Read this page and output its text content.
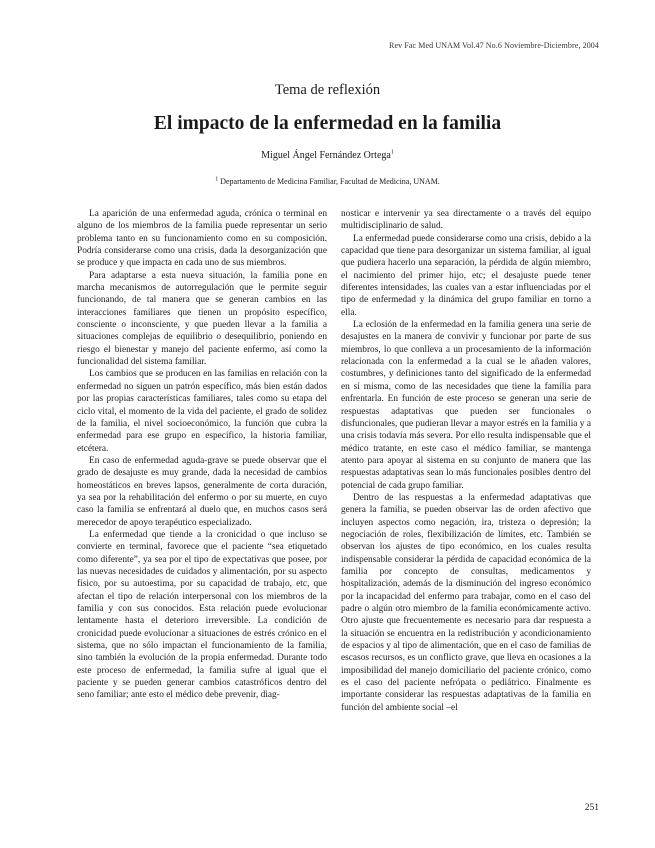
Rev Fac Med UNAM Vol.47 No.6 Noviembre-Diciembre, 2004
Tema de reflexión
El impacto de la enfermedad en la familia
Miguel Ángel Fernández Ortega$^1$
$^1$ Departamento de Medicina Familiar, Facultad de Medicina, UNAM.

La aparición de una enfermedad aguda, crónica o terminal en alguno de los miembros de la familia puede representar un serio problema tanto en su funcionamiento como en su composición. Podría considerarse como una crisis, dada la desorganización que se produce y que impacta en cada uno de sus miembros.

Para adaptarse a esta nueva situación, la familia pone en marcha mecanismos de autorregulación que le permite seguir funcionando, de tal manera que se generan cambios en las interacciones familiares que tienen un propósito específico, consciente o inconsciente, y que pueden llevar a la familia a situaciones complejas de equilibrio o desequilibrio, poniendo en riesgo el bienestar y manejo del paciente enfermo, así como la funcionalidad del sistema familiar.

Los cambios que se producen en las familias en relación con la enfermedad no siguen un patrón específico, más bien están dados por las propias características familiares, tales como su etapa del ciclo vital, el momento de la vida del paciente, el grado de solidez de la familia, el nivel socioeconómico, la función que cubra la enfermedad para ese grupo en específico, la historia familiar, etcétera.

En caso de enfermedad aguda-grave se puede observar que el grado de desajuste es muy grande, dada la necesidad de cambios homeostáticos en breves lapsos, generalmente de corta duración, ya sea por la rehabilitación del enfermo o por su muerte, en cuyo caso la familia se enfrentará al duelo que, en muchos casos será merecedor de apoyo terapéutico especializado.

La enfermedad que tiende a la cronicidad o que incluso se convierte en terminal, favorece que el paciente “sea etiquetado como diferente”, ya sea por el tipo de expectativas que posee, por las nuevas necesidades de cuidados y alimentación, por su aspecto físico, por su autoestima, por su capacidad de trabajo, etc, que afectan el tipo de relación interpersonal con los miembros de la familia y con sus conocidos. Esta relación puede evolucionar lentamente hasta el deterioro irreversible. La condición de cronicidad puede evolucionar a situaciones de estrés crónico en el sistema, que no sólo impactan el funcionamiento de la familia, sino también la evolución de la propia enfermedad. Durante todo este proceso de enfermedad, la familia sufre al igual que el paciente y se pueden generar cambios catastróficos dentro del seno familiar; ante esto el médico debe prevenir, diag-

nosticar e intervenir ya sea directamente o a través del equipo multidisciplinario de salud.

La enfermedad puede considerarse como una crisis, debido a la capacidad que tiene para desorganizar un sistema familiar, al igual que pudiera hacerlo una separación, la pérdida de algún miembro, el nacimiento del primer hijo, etc; el desajuste puede tener diferentes intensidades, las cuales van a estar influenciadas por el tipo de enfermedad y la dinámica del grupo familiar en torno a ella.

La eclosión de la enfermedad en la familia genera una serie de desajustes en la manera de convivir y funcionar por parte de sus miembros, lo que conlleva a un procesamiento de la información relacionada con la enfermedad a la cual se le añaden valores, costumbres, y definiciones tanto del significado de la enfermedad en sí misma, como de las necesidades que tiene la familia para enfrentarla. En función de este proceso se generan una serie de respuestas adaptativas que pueden ser funcionales o disfuncionales, que pudieran llevar a mayor estrés en la familia y a una crisis todavía más severa. Por ello resulta indispensable que el médico tratante, en este caso el médico familiar, se mantenga atento para apoyar al sistema en su conjunto de manera que las respuestas adaptativas sean lo más funcionales posibles dentro del potencial de cada grupo familiar.

Dentro de las respuestas a la enfermedad adaptativas que genera la familia, se pueden observar las de orden afectivo que incluyen aspectos como negación, ira, tristeza o depresión; la negociación de roles, flexibilización de límites, etc. También se observan los ajustes de tipo económico, en los cuales resulta indispensable considerar la pérdida de capacidad económica de la familia por concepto de consultas, medicamentos y hospitalización, además de la disminución del ingreso económico por la incapacidad del enfermo para trabajar, como en el caso del padre o algún otro miembro de la familia económicamente activo. Otro ajuste que frecuentemente es necesario para dar respuesta a la situación se encuentra en la redistribución y acondicionamiento de espacios y al tipo de alimentación, que en el caso de familias de escasos recursos, es un conflicto grave, que lleva en ocasiones a la imposibilidad del manejo domiciliario del paciente crónico, como es el caso del paciente nefrópata o pediátrico. Finalmente es importante considerar las respuestas adaptativas de la familia en función del ambiente social –el

251
